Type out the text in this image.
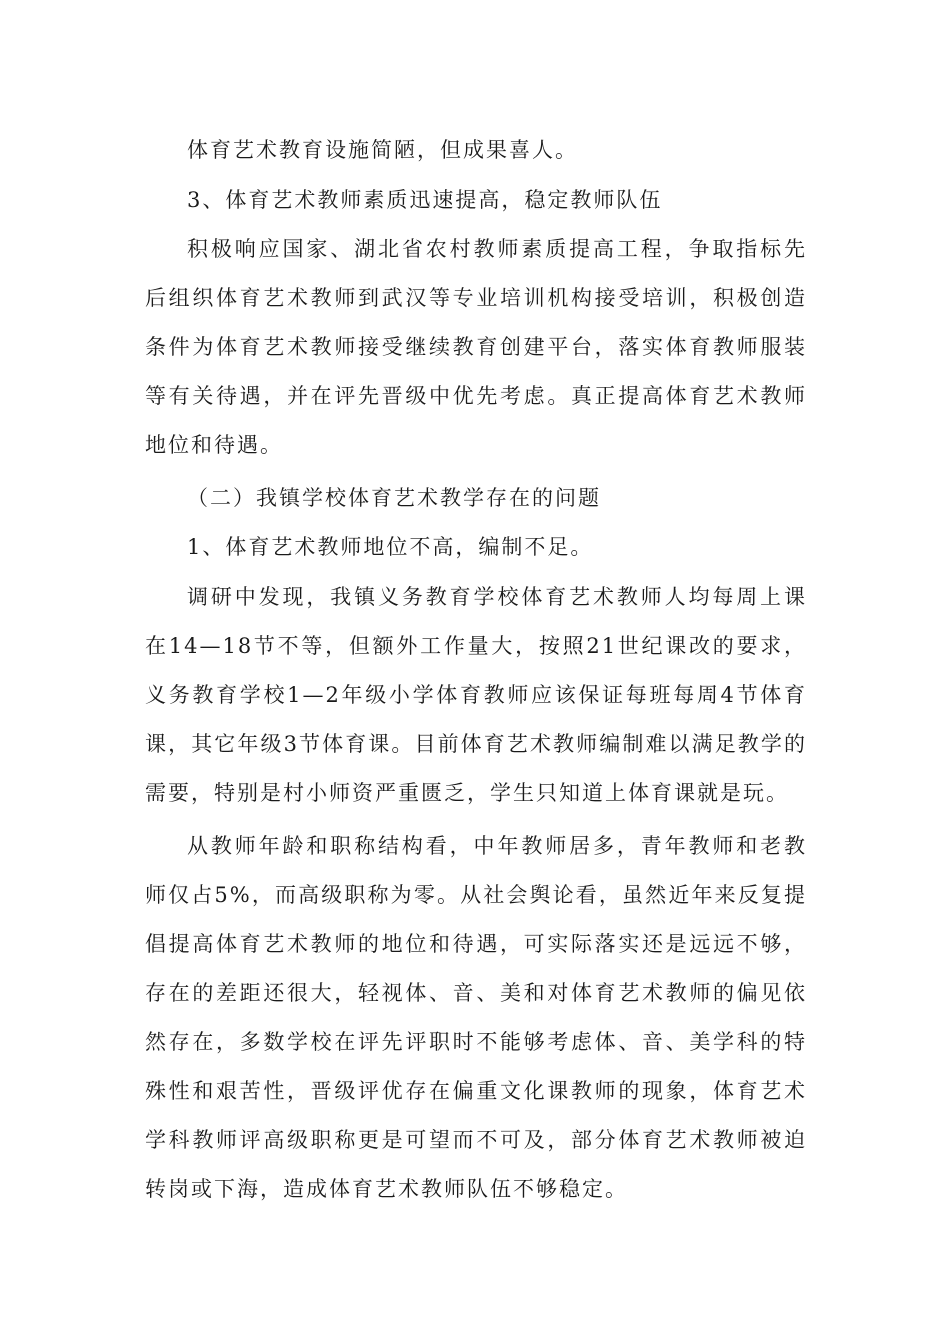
体育艺术教育设施简陋，但成果喜人。

3、体育艺术教师素质迅速提高，稳定教师队伍

积极响应国家、湖北省农村教师素质提高工程，争取指标先后组织体育艺术教师到武汉等专业培训机构接受培训，积极创造条件为体育艺术教师接受继续教育创建平台，落实体育教师服装等有关待遇，并在评先晋级中优先考虑。真正提高体育艺术教师地位和待遇。

（二）我镇学校体育艺术教学存在的问题

1、体育艺术教师地位不高，编制不足。

调研中发现，我镇义务教育学校体育艺术教师人均每周上课在14—18节不等，但额外工作量大，按照21世纪课改的要求，义务教育学校1—2年级小学体育教师应该保证每班每周4节体育课，其它年级3节体育课。目前体育艺术教师编制难以满足教学的需要，特别是村小师资严重匮乏，学生只知道上体育课就是玩。

从教师年龄和职称结构看，中年教师居多，青年教师和老教师仅占5%，而高级职称为零。从社会舆论看，虽然近年来反复提倡提高体育艺术教师的地位和待遇，可实际落实还是远远不够，存在的差距还很大，轻视体、音、美和对体育艺术教师的偏见依然存在，多数学校在评先评职时不能够考虑体、音、美学科的特殊性和艰苦性，晋级评优存在偏重文化课教师的现象，体育艺术学科教师评高级职称更是可望而不可及，部分体育艺术教师被迫转岗或下海，造成体育艺术教师队伍不够稳定。
